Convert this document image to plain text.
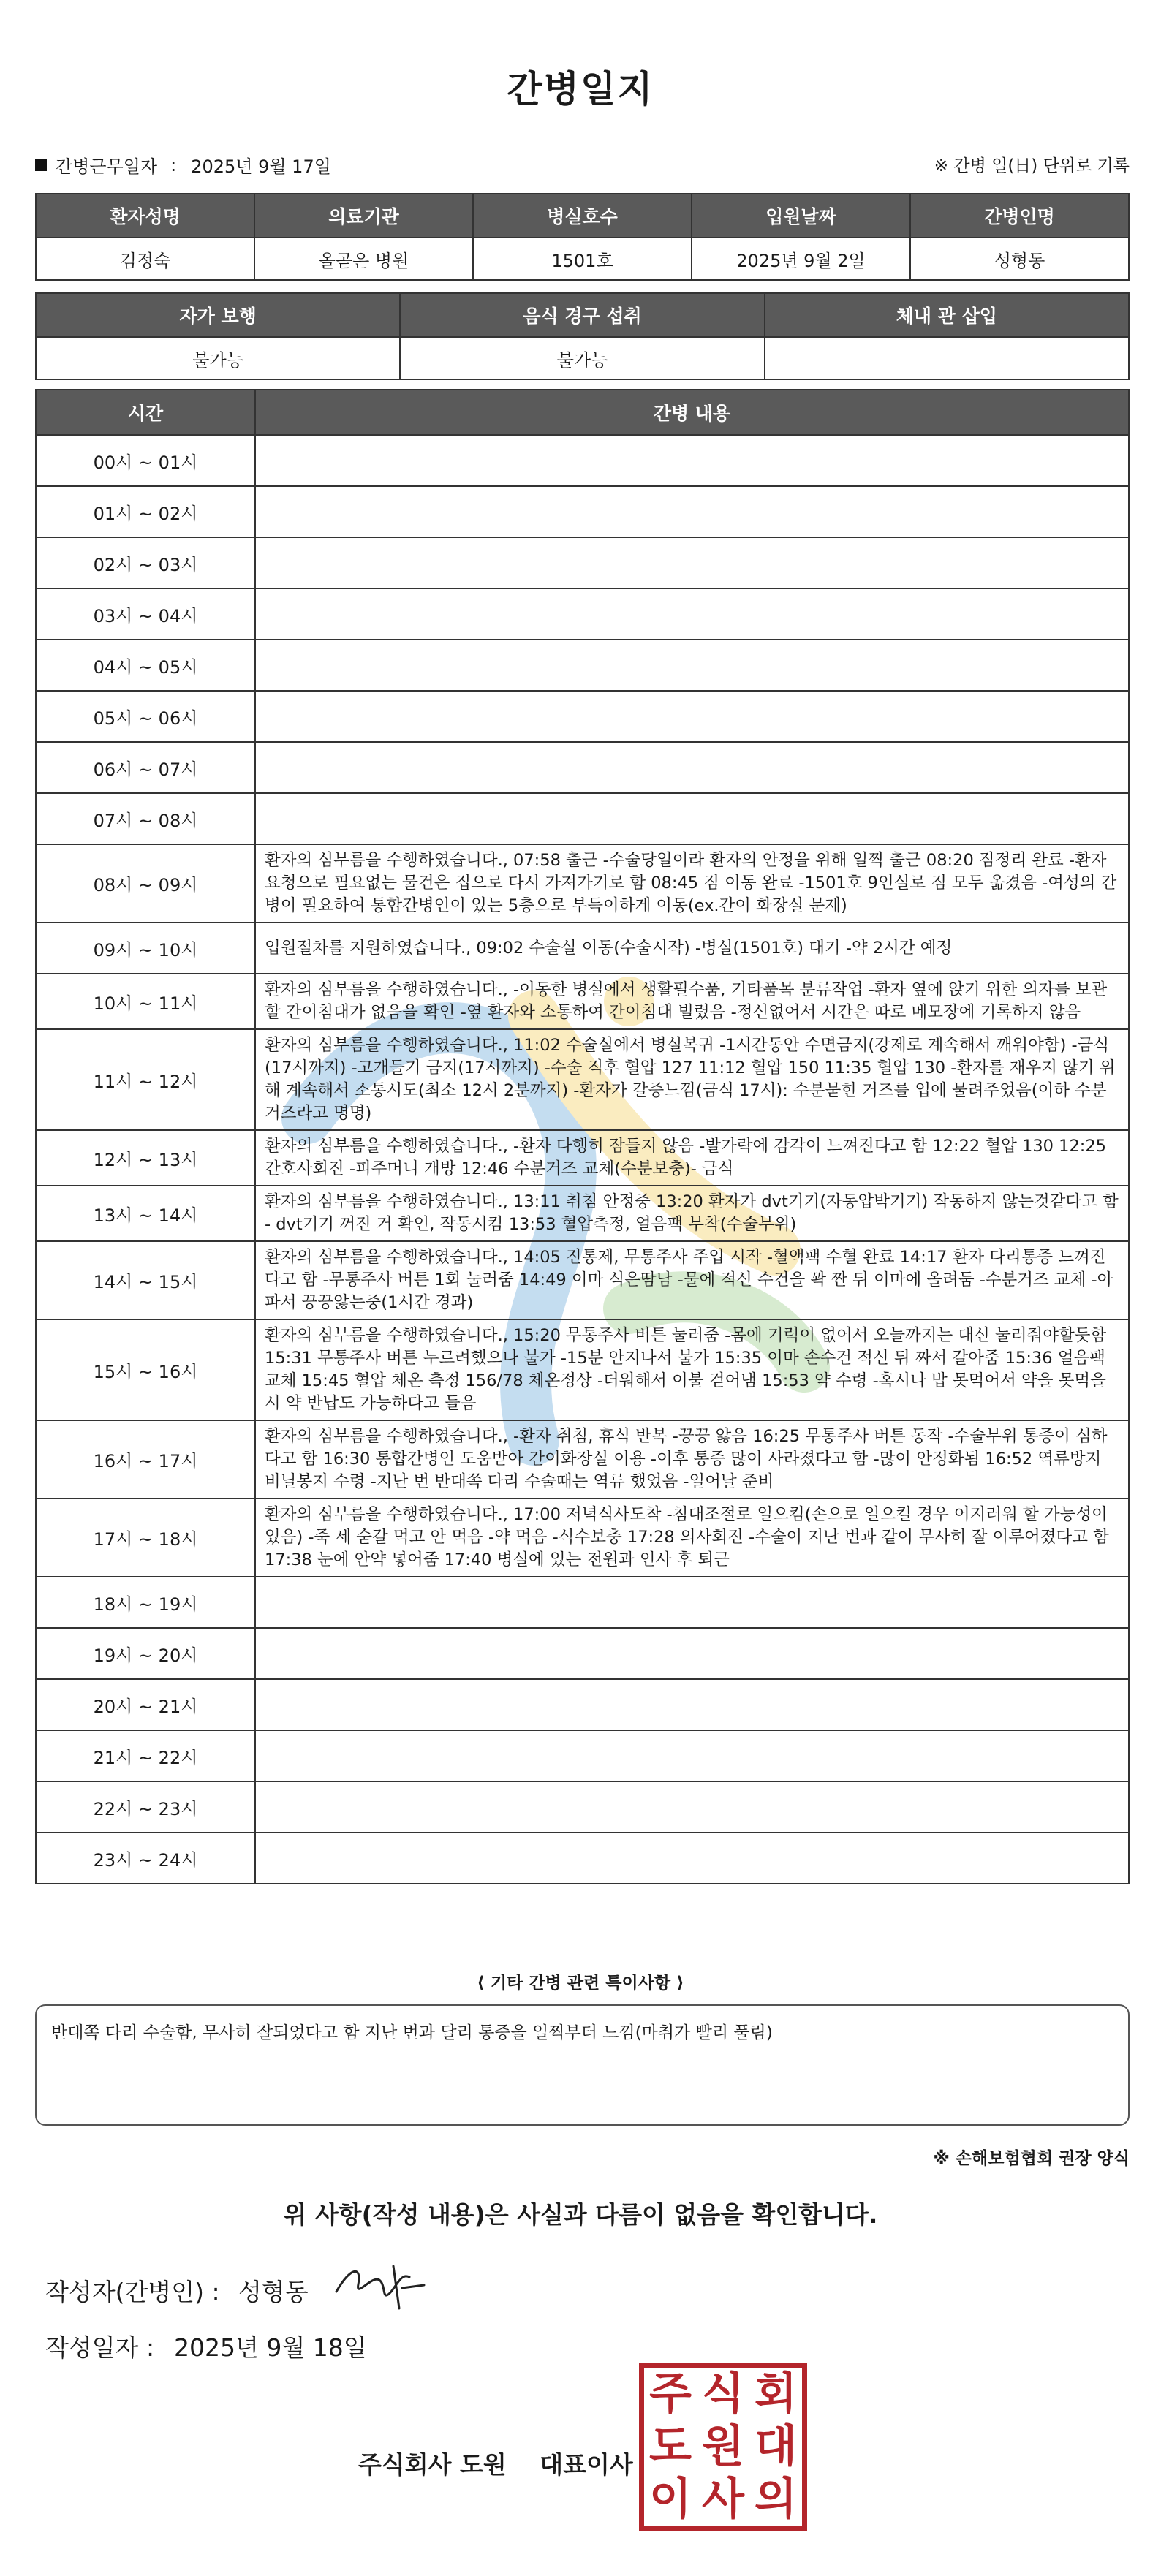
간병일지
간병근무일자 : 2025년 9월 17일	※ 간병 일(日) 단위로 기록
환자성명	의료기관	병실호수	입원날짜	간병인명
김정숙	올곧은 병원	1501호	2025년 9월 2일	성형동
자가 보행	음식 경구 섭취	체내 관 삽입
불가능	불가능	
시간	간병 내용
00시 ~ 01시	
01시 ~ 02시	
02시 ~ 03시	
03시 ~ 04시	
04시 ~ 05시	
05시 ~ 06시	
06시 ~ 07시	
07시 ~ 08시	
08시 ~ 09시	환자의 심부름을 수행하였습니다., 07:58 출근 -수술당일이라 환자의 안정을 위해 일찍 출근 08:20 짐정리 완료 -환자 요청으로 필요없는 물건은 집으로 다시 가져가기로 함 08:45 짐 이동 완료 -1501호 9인실로 짐 모두 옮겼음 -여성의 간병이 필요하여 통합간병인이 있는 5층으로 부득이하게 이동(ex.간이 화장실 문제)
09시 ~ 10시	입원절차를 지원하였습니다., 09:02 수술실 이동(수술시작) -병실(1501호) 대기 -약 2시간 예정
10시 ~ 11시	환자의 심부름을 수행하였습니다., -이동한 병실에서 생활필수품, 기타품목 분류작업 -환자 옆에 앉기 위한 의자를 보관할 간이침대가 없음을 확인 -옆 환자와 소통하여 간이침대 빌렸음 -정신없어서 시간은 따로 메모장에 기록하지 않음
11시 ~ 12시	환자의 심부름을 수행하였습니다., 11:02 수술실에서 병실복귀 -1시간동안 수면금지(강제로 계속해서 깨워야함) -금식(17시까지) -고개들기 금지(17시까지) -수술 직후 혈압 127 11:12 혈압 150 11:35 혈압 130 -환자를 재우지 않기 위해 계속해서 소통시도(최소 12시 2분까지) -환자가 갈증느낌(금식 17시): 수분묻힌 거즈를 입에 물려주었음(이하 수분거즈라고 명명)
12시 ~ 13시	환자의 심부름을 수행하였습니다., -환자 다행히 잠들지 않음 -발가락에 감각이 느껴진다고 함 12:22 혈압 130 12:25 간호사회진 -피주머니 개방 12:46 수분거즈 교체(수분보충)- 금식
13시 ~ 14시	환자의 심부름을 수행하였습니다., 13:11 취침 안정중 13:20 환자가 dvt기기(자동압박기기) 작동하지 않는것같다고 함 - dvt기기 꺼진 거 확인, 작동시킴 13:53 혈압측정, 얼음팩 부착(수술부위)
14시 ~ 15시	환자의 심부름을 수행하였습니다., 14:05 진통제, 무통주사 주입 시작 -혈액팩 수혈 완료 14:17 환자 다리통증 느껴진다고 함 -무통주사 버튼 1회 눌러줌 14:49 이마 식은땀남 -물에 적신 수건을 꽉 짠 뒤 이마에 올려둠 -수분거즈 교체 -아파서 끙끙앓는중(1시간 경과)
15시 ~ 16시	환자의 심부름을 수행하였습니다., 15:20 무통주사 버튼 눌러줌 -몸에 기력이 없어서 오늘까지는 대신 눌러줘야할듯함 15:31 무통주사 버튼 누르려했으나 불가 -15분 안지나서 불가 15:35 이마 손수건 적신 뒤 짜서 갈아줌 15:36 얼음팩 교체 15:45 혈압 체온 측정 156/78 체온정상 -더워해서 이불 걷어냄 15:53 약 수령 -혹시나 밥 못먹어서 약을 못먹을 시 약 반납도 가능하다고 들음
16시 ~ 17시	환자의 심부름을 수행하였습니다., -환자 취침, 휴식 반복 -끙끙 앓음 16:25 무통주사 버튼 동작 -수술부위 통증이 심하다고 함 16:30 통합간병인 도움받아 간이화장실 이용 -이후 통증 많이 사라졌다고 함 -많이 안정화됨 16:52 역류방지 비닐봉지 수령 -지난 번 반대쪽 다리 수술때는 역류 했었음 -일어날 준비
17시 ~ 18시	환자의 심부름을 수행하였습니다., 17:00 저녁식사도착 -침대조절로 일으킴(손으로 일으킬 경우 어지러워 할 가능성이 있음) -죽 세 숟갈 먹고 안 먹음 -약 먹음 -식수보충 17:28 의사회진 -수술이 지난 번과 같이 무사히 잘 이루어졌다고 함 17:38 눈에 안약 넣어줌 17:40 병실에 있는 전원과 인사 후 퇴근
18시 ~ 19시	
19시 ~ 20시	
20시 ~ 21시	
21시 ~ 22시	
22시 ~ 23시	
23시 ~ 24시	
⟨ 기타 간병 관련 특이사항 ⟩
반대쪽 다리 수술함, 무사히 잘되었다고 함 지난 번과 달리 통증을 일찍부터 느낌(마취가 빨리 풀림)
※ 손해보험협회 권장 양식
위 사항(작성 내용)은 사실과 다름이 없음을 확인합니다.
작성자(간병인) : 성형동
작성일자 : 2025년 9월 18일
주식회사 도원 대표이사
주 식 회
도 원 대
이 사 의
